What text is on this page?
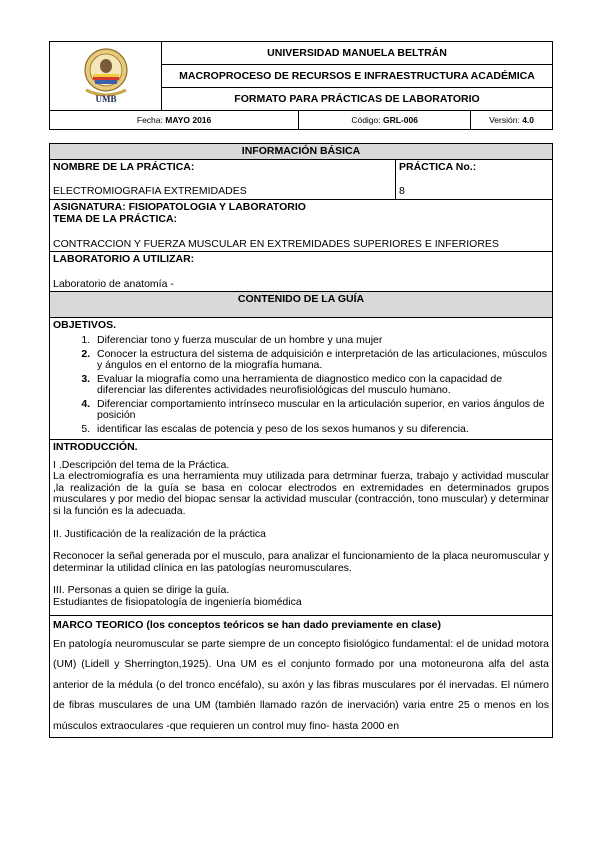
UMB	UNIVERSIDAD MANUELA BELTRÁN		
	MACROPROCESO DE RECURSOS E INFRAESTRUCTURA ACADÉMICA		
	FORMATO PARA PRÁCTICAS DE LABORATORIO		
Fecha: MAYO 2016		Código: GRL-006	Versión: 4.0
INFORMACIÓN BÁSICA

NOMBRE DE LA PRÁCTICA:
ELECTROMIOGRAFIA EXTREMIDADES

PRÁCTICA No.:
8

ASIGNATURA: FISIOPATOLOGIA Y LABORATORIO
TEMA DE LA PRÁCTICA:
CONTRACCION Y FUERZA MUSCULAR EN EXTREMIDADES SUPERIORES E INFERIORES

LABORATORIO A UTILIZAR:
Laboratorio de anatomía -

CONTENIDO DE LA GUÍA

OBJETIVOS.
1. Diferenciar tono y fuerza muscular de un hombre y una mujer
2. Conocer la estructura del sistema de adquisición e interpretación de las articulaciones, músculos y ángulos en el entorno de la miografía humana.
3. Evaluar la miografía como una herramienta de diagnostico medico con la capacidad de diferenciar las diferentes actividades neurofisiológicas del musculo humano.
4. Diferenciar comportamiento intrínseco muscular en la articulación superior, en varios ángulos de posición
5. identificar las escalas de potencia y peso de los sexos humanos y su diferencia.

INTRODUCCIÓN.

I .Descripción del tema de la Práctica.

La electromiografía es una herramienta muy utilizada para detrminar fuerza, trabajo y actividad muscular ,la realización de la guía se basa en colocar electrodos en extremidades en determinados grupos musculares y por medio del biopac sensar la actividad muscular (contracción, tono muscular) y determinar si la función es la adecuada.

II. Justificación de la realización de la práctica

Reconocer la señal generada por el musculo, para analizar el funcionamiento de la placa neuromuscular y determinar la utilidad clínica en las patologías neuromusculares.

III. Personas a quien se dirige la guía.

Estudiantes de fisiopatología de ingeniería biomédica

MARCO TEORICO (los conceptos teóricos se han dado previamente en clase)
En patología neuromuscular se parte siempre de un concepto fisiológico fundamental: el de unidad motora (UM) (Lidell y Sherrington,1925). Una UM es el conjunto formado por una motoneurona alfa del asta anterior de la médula (o del tronco encéfalo), su axón y las fibras musculares por él inervadas. El número de fibras musculares de una UM (también llamado razón de inervación) varia entre 25 o menos en los músculos extraoculares -que requieren un control muy fino- hasta 2000 en
